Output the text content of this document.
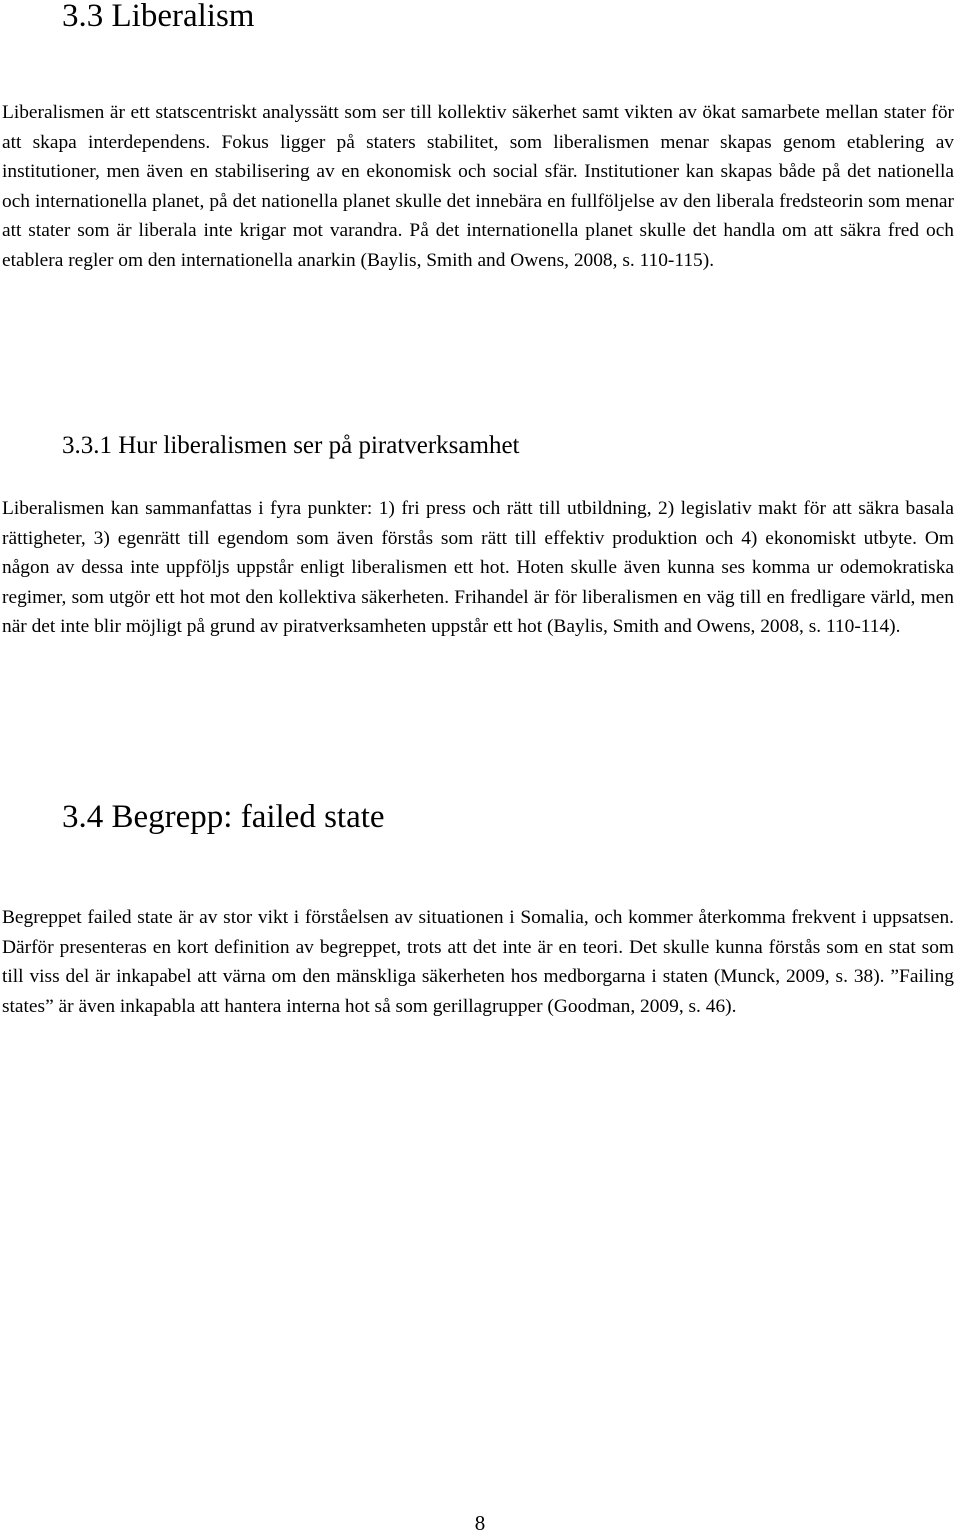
3.3 Liberalism

Liberalismen är ett statscentriskt analyssätt som ser till kollektiv säkerhet samt vikten av ökat samarbete mellan stater för att skapa interdependens. Fokus ligger på staters stabilitet, som liberalismen menar skapas genom etablering av institutioner, men även en stabilisering av en ekonomisk och social sfär. Institutioner kan skapas både på det nationella och internationella planet, på det nationella planet skulle det innebära en fullföljelse av den liberala fredsteorin som menar att stater som är liberala inte krigar mot varandra. På det internationella planet skulle det handla om att säkra fred och etablera regler om den internationella anarkin (Baylis, Smith and Owens, 2008, s. 110-115).

3.3.1 Hur liberalismen ser på piratverksamhet

Liberalismen kan sammanfattas i fyra punkter: 1) fri press och rätt till utbildning, 2) legislativ makt för att säkra basala rättigheter, 3) egenrätt till egendom som även förstås som rätt till effektiv produktion och 4) ekonomiskt utbyte. Om någon av dessa inte uppföljs uppstår enligt liberalismen ett hot. Hoten skulle även kunna ses komma ur odemokratiska regimer, som utgör ett hot mot den kollektiva säkerheten. Frihandel är för liberalismen en väg till en fredligare värld, men när det inte blir möjligt på grund av piratverksamheten uppstår ett hot (Baylis, Smith and Owens, 2008, s. 110-114).

3.4 Begrepp: failed state

Begreppet failed state är av stor vikt i förståelsen av situationen i Somalia, och kommer återkomma frekvent i uppsatsen. Därför presenteras en kort definition av begreppet, trots att det inte är en teori. Det skulle kunna förstås som en stat som till viss del är inkapabel att värna om den mänskliga säkerheten hos medborgarna i staten (Munck, 2009, s. 38). ”Failing states” är även inkapabla att hantera interna hot så som gerillagrupper (Goodman, 2009, s. 46).

8
